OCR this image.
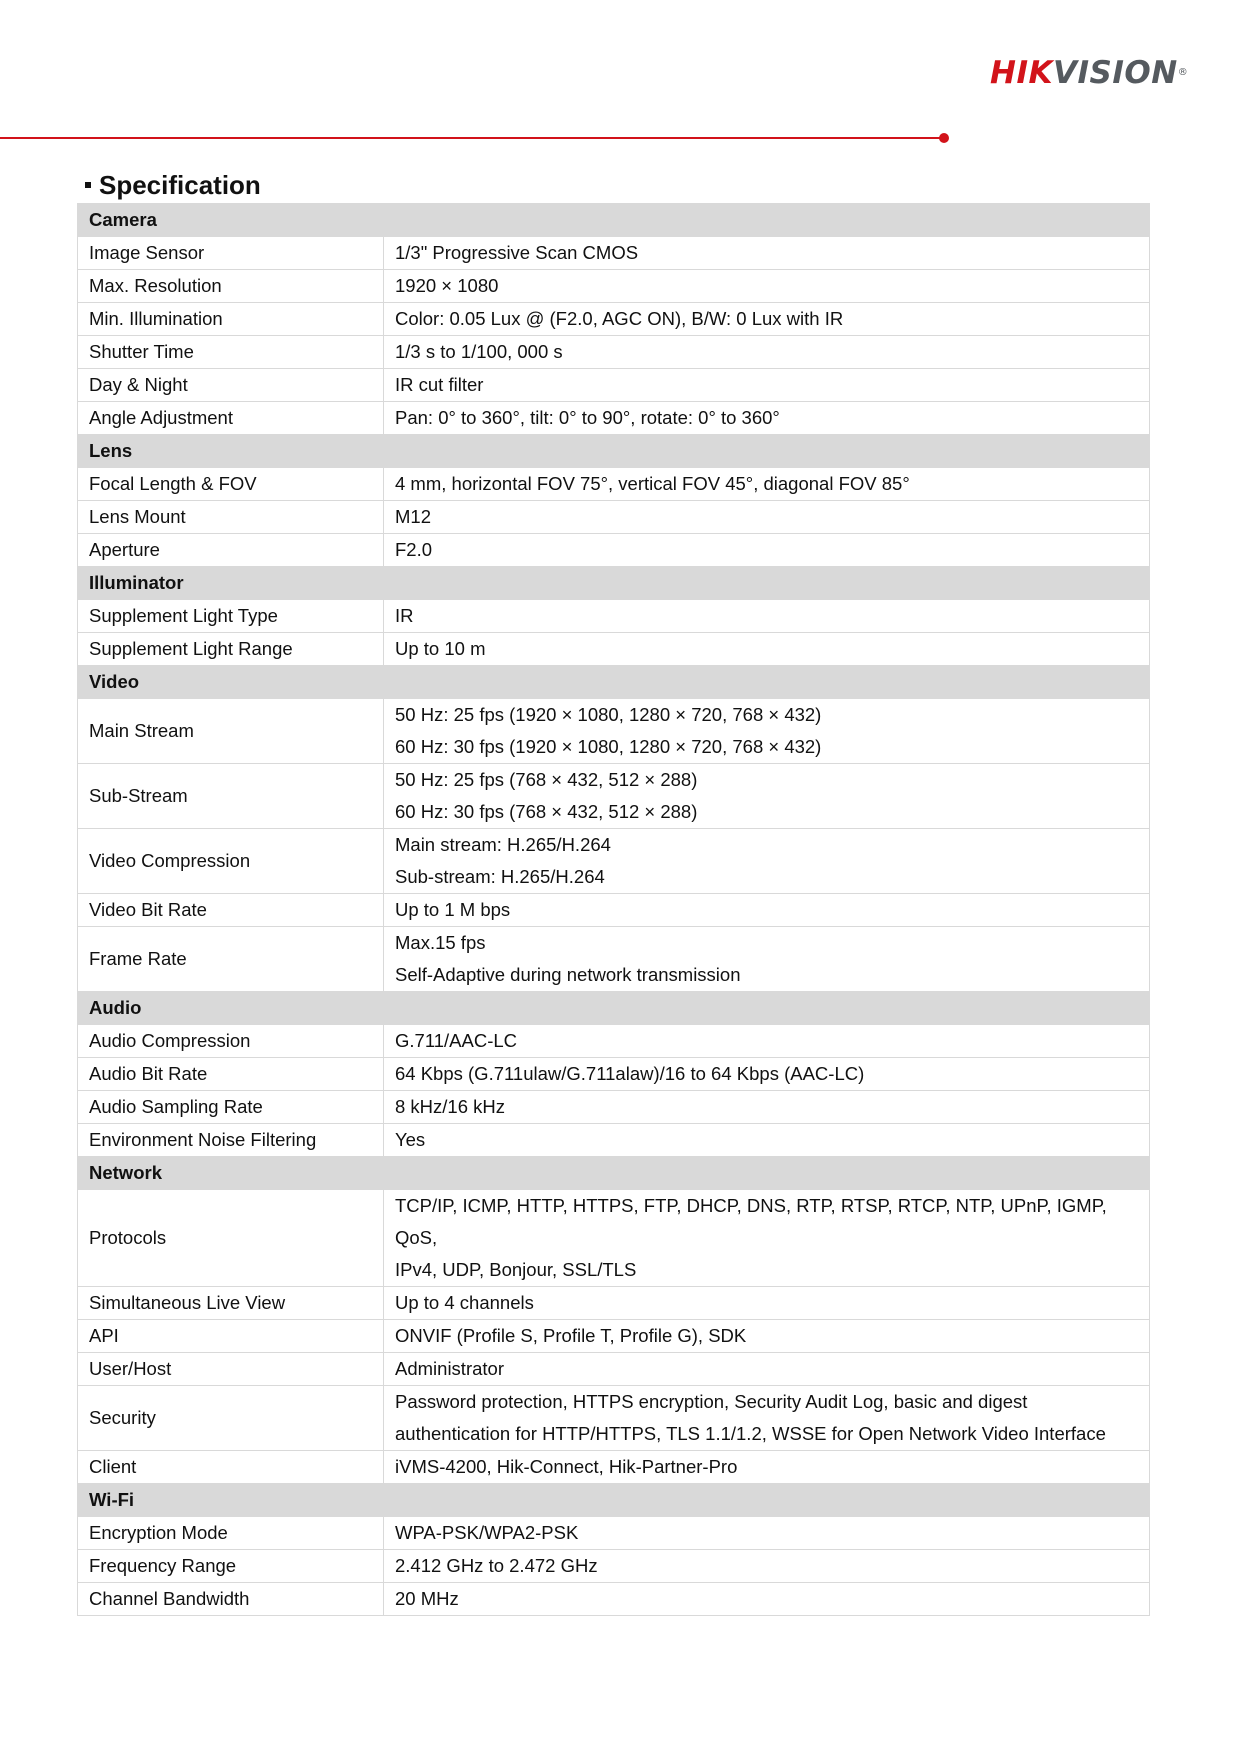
HIKVISION®
Specification
Camera	
Image Sensor	1/3" Progressive Scan CMOS

Max. Resolution	1920 × 1080

Min. Illumination	Color: 0.05 Lux @ (F2.0, AGC ON), B/W: 0 Lux with IR

Shutter Time	1/3 s to 1/100, 000 s

Day & Night	IR cut filter

Angle Adjustment	Pan: 0° to 360°, tilt: 0° to 90°, rotate: 0° to 360°

Lens	
Focal Length & FOV	4 mm, horizontal FOV 75°, vertical FOV 45°, diagonal FOV 85°

Lens Mount	M12

Aperture	F2.0

Illuminator	
Supplement Light Type	IR

Supplement Light Range	Up to 10 m

Video	
Main Stream	50 Hz: 25 fps (1920 × 1080, 1280 × 720, 768 × 432)
60 Hz: 30 fps (1920 × 1080, 1280 × 720, 768 × 432)

Sub-Stream	50 Hz: 25 fps (768 × 432, 512 × 288)
60 Hz: 30 fps (768 × 432, 512 × 288)

Video Compression	Main stream: H.265/H.264
Sub-stream: H.265/H.264

Video Bit Rate	Up to 1 M bps

Frame Rate	Max.15 fps
Self-Adaptive during network transmission

Audio	
Audio Compression	G.711/AAC-LC

Audio Bit Rate	64 Kbps (G.711ulaw/G.711alaw)/16 to 64 Kbps (AAC-LC)

Audio Sampling Rate	8 kHz/16 kHz

Environment Noise Filtering	Yes

Network	
Protocols	TCP/IP, ICMP, HTTP, HTTPS, FTP, DHCP, DNS, RTP, RTSP, RTCP, NTP, UPnP, IGMP, QoS,
IPv4, UDP, Bonjour, SSL/TLS

Simultaneous Live View	Up to 4 channels

API	ONVIF (Profile S, Profile T, Profile G), SDK

User/Host	Administrator

Security	Password protection, HTTPS encryption, Security Audit Log, basic and digest
authentication for HTTP/HTTPS, TLS 1.1/1.2, WSSE for Open Network Video Interface

Client	iVMS-4200, Hik-Connect, Hik-Partner-Pro

Wi-Fi	
Encryption Mode	WPA-PSK/WPA2-PSK

Frequency Range	2.412 GHz to 2.472 GHz

Channel Bandwidth	20 MHz
